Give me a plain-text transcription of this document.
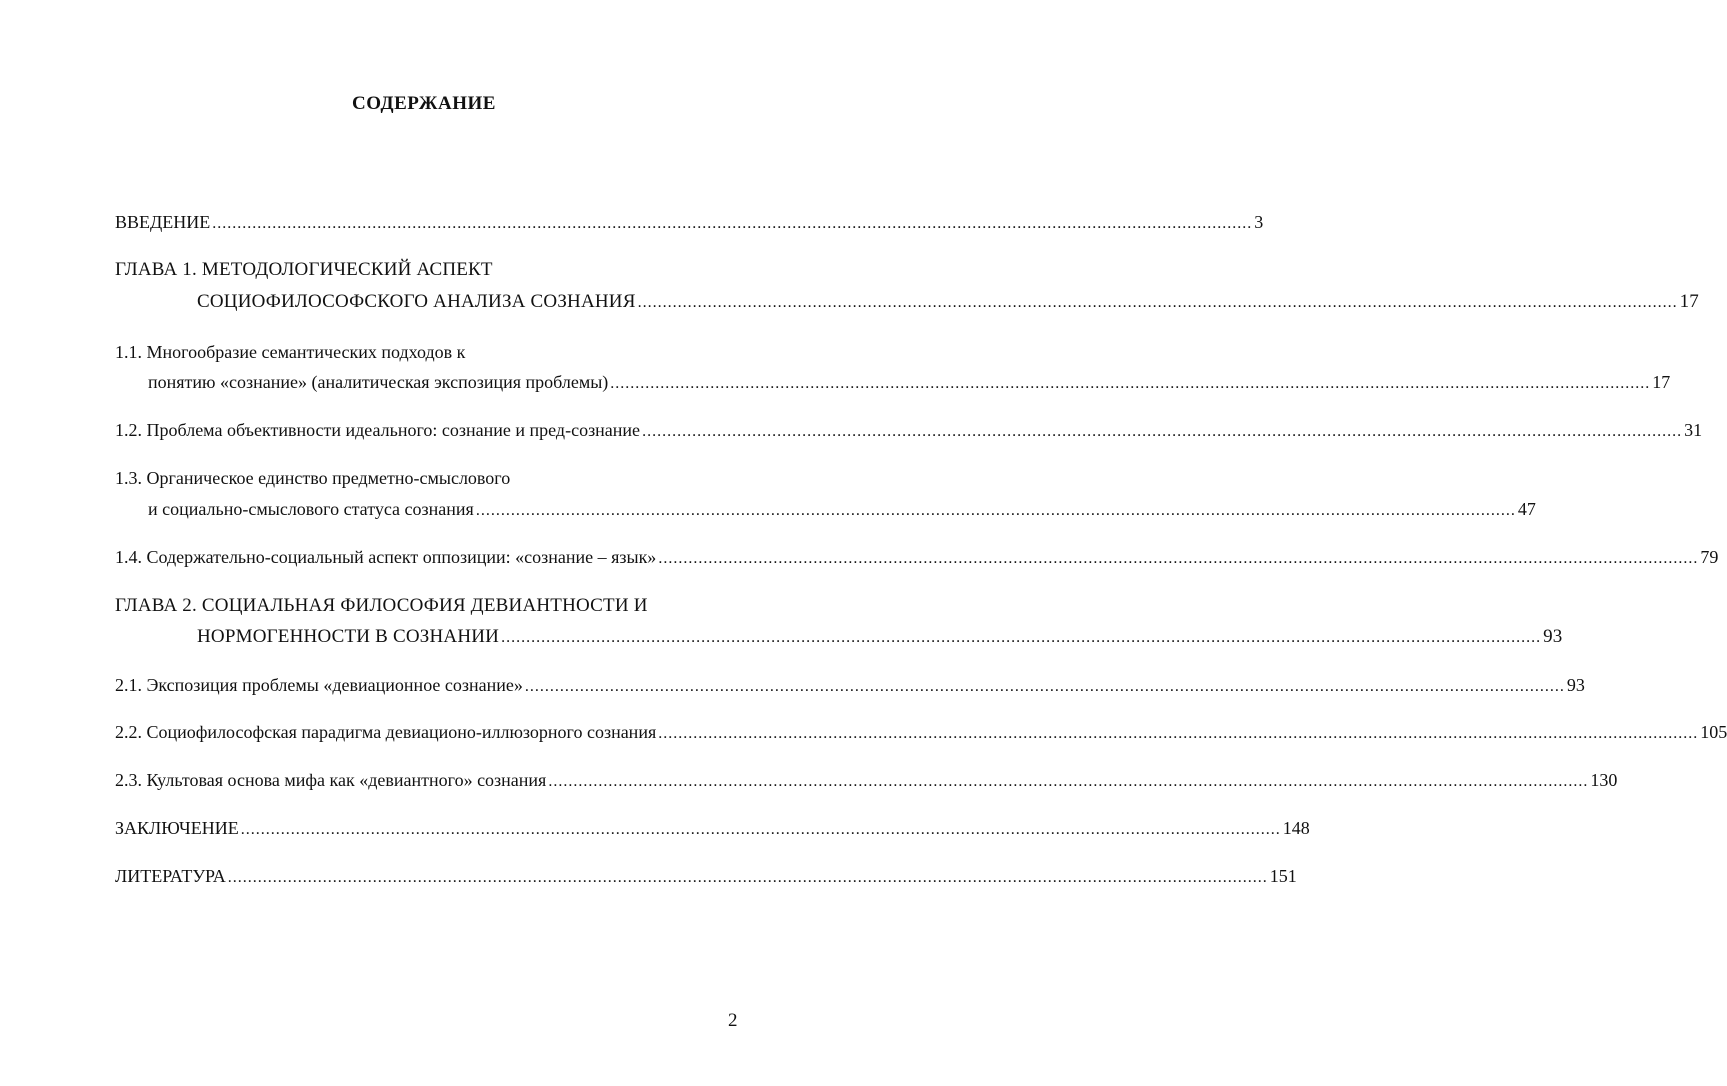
СОДЕРЖАНИЕ
ВВЕДЕНИЕ ................................................................................................................................................................................................................ 3
ГЛАВА 1. МЕТОДОЛОГИЧЕСКИЙ АСПЕКТ
СОЦИОФИЛОСОФСКОГО АНАЛИЗА СОЗНАНИЯ ................................................................................................................................................................................................................ 17
1.1. Многообразие семантических подходов к
понятию «сознание» (аналитическая экспозиция проблемы) ................................................................................................................................................................................................................ 17
1.2. Проблема объективности идеального: сознание и пред-сознание ................................................................................................................................................................................................................ 31
1.3. Органическое единство предметно-смыслового
и социально-смыслового статуса сознания ................................................................................................................................................................................................................ 47
1.4. Содержательно-социальный аспект оппозиции: «сознание – язык» ................................................................................................................................................................................................................ 79
ГЛАВА 2. СОЦИАЛЬНАЯ ФИЛОСОФИЯ ДЕВИАНТНОСТИ И
НОРМОГЕННОСТИ В СОЗНАНИИ ................................................................................................................................................................................................................ 93
2.1. Экспозиция проблемы «девиационное сознание» ................................................................................................................................................................................................................ 93
2.2. Социофилософская парадигма девиационо-иллюзорного сознания ................................................................................................................................................................................................................ 105
2.3. Культовая основа мифа как «девиантного» сознания ................................................................................................................................................................................................................ 130
ЗАКЛЮЧЕНИЕ ................................................................................................................................................................................................................ 148
ЛИТЕРАТУРА ................................................................................................................................................................................................................ 151
2
